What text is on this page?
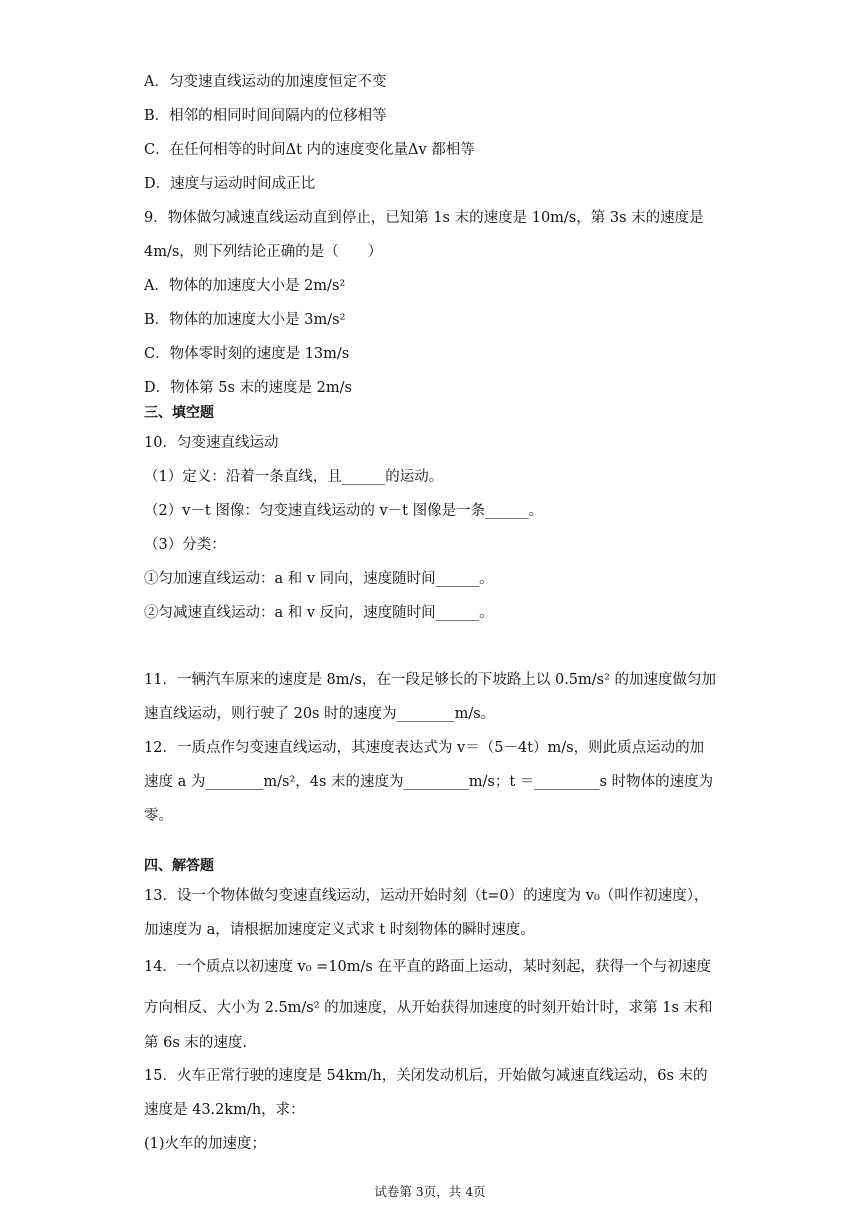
A．匀变速直线运动的加速度恒定不变
B．相邻的相同时间间隔内的位移相等
C．在任何相等的时间Δt 内的速度变化量Δv 都相等
D．速度与运动时间成正比
9．物体做匀减速直线运动直到停止，已知第 1s 末的速度是 10m/s，第 3s 末的速度是
4m/s，则下列结论正确的是（　　）
A．物体的加速度大小是 2m/s²
B．物体的加速度大小是 3m/s²
C．物体零时刻的速度是 13m/s
D．物体第 5s 末的速度是 2m/s
三、填空题
10．匀变速直线运动
（1）定义：沿着一条直线，且______的运动。
（2）v－t 图像：匀变速直线运动的 v－t 图像是一条______。
（3）分类：
①匀加速直线运动：a 和 v 同向，速度随时间______。
②匀减速直线运动：a 和 v 反向，速度随时间______。
11．一辆汽车原来的速度是 8m/s，在一段足够长的下坡路上以 0.5m/s² 的加速度做匀加
速直线运动，则行驶了 20s 时的速度为________m/s。
12．一质点作匀变速直线运动，其速度表达式为 v＝（5－4t）m/s，则此质点运动的加
速度 a 为________m/s²，4s 末的速度为_________m/s；t ＝_________s 时物体的速度为
零。
四、解答题
13．设一个物体做匀变速直线运动，运动开始时刻（t=0）的速度为 v₀（叫作初速度），
加速度为 a，请根据加速度定义式求 t 时刻物体的瞬时速度。
14．一个质点以初速度 v₀ =10m/s 在平直的路面上运动，某时刻起，获得一个与初速度
方向相反、大小为 2.5m/s² 的加速度，从开始获得加速度的时刻开始计时，求第 1s 末和
第 6s 末的速度.
15．火车正常行驶的速度是 54km/h，关闭发动机后，开始做匀减速直线运动，6s 末的
速度是 43.2km/h，求：
(1)火车的加速度；
试卷第 3页，共 4页
